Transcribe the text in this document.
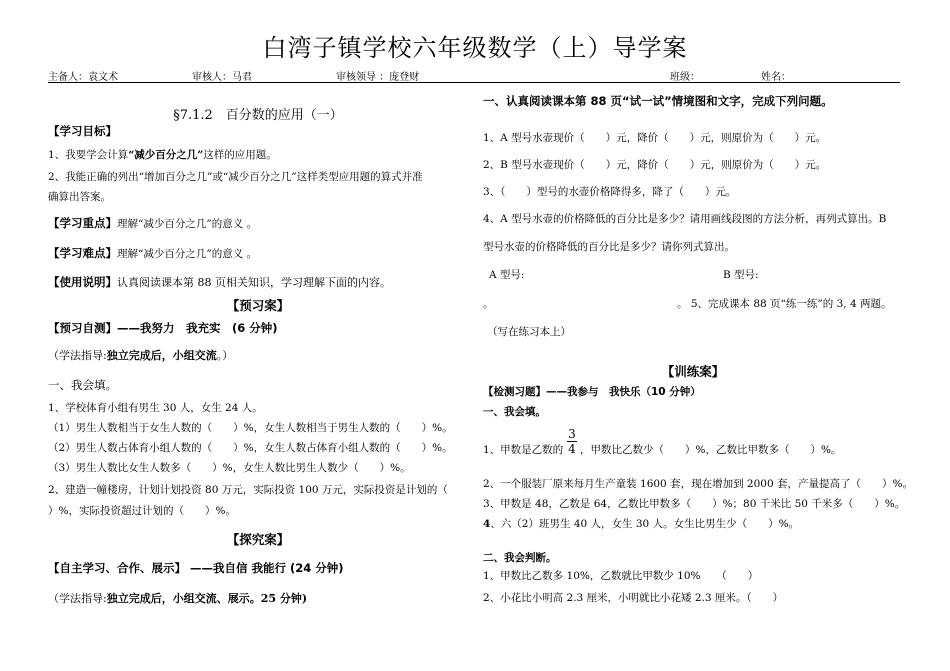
白湾子镇学校六年级数学（上）导学案
主备人：袁文术	审核人：马君	审核领导 ：庞登财	班级：	姓名：________
§7.1.2　百分数的应用（一）
【学习目标】
1、我要学会计算“减少百分之几”这样的应用题。
2、我能正确的列出“增加百分之几”或“减少百分之几”这样类型应用题的算式并准
确算出答案。
【学习重点】理解“减少百分之几”的意义 。
【学习难点】理解“减少百分之几”的意义 。
【使用说明】认真阅读课本第 88 页相关知识，学习理解下面的内容。
【预习案】
【预习自测】——我努力　我充实　(6 分钟)
（学法指导:独立完成后，小组交流。）
一、我会填。
1、学校体育小组有男生 30 人，女生 24 人。
（1）男生人数相当于女生人数的（　　）%，女生人数相当于男生人数的（　　）%。
（2）男生人数占体育小组人数的（　　）%，女生人数占体育小组人数的（　　）%。
（3）男生人数比女生人数多（　　）%，女生人数比男生人数少（　　）%。
2、建造一幢楼房，计划计划投资 80 万元，实际投资 100 万元，实际投资是计划的（
）%，实际投资超过计划的（　　）%。
【探究案】
【自主学习、合作、展示】 ——我自信 我能行 (24 分钟)
（学法指导:独立完成后，小组交流、展示。25 分钟)
一、认真阅读课本第 88 页“试一试”情境图和文字，完成下列问题。
1、A 型号水壶现价（　　）元，降价（　　）元，则原价为（　　）元。
2、B 型号水壶现价（　　）元，降价（　　）元，则原价为（　　）元。
3、（　　）型号的水壶价格降得多，降了（　　）元。
4、A 型号水壶的价格降低的百分比是多少？请用画线段图的方法分析，再列式算出。B
型号水壶的价格降低的百分比是多少？请你列式算出。
A 型号:	B 型号:
。	。 5、完成课本 88 页“练一练”的 3, 4 两题。
（写在练习本上）
【训练案】
【检测习题】——我参与　我快乐（10 分钟）
一、我会填。
1、甲数是乙数的
3
4 ，甲数比乙数少（　　）%，乙数比甲数多（　　）%。
2、一个服装厂原来每月生产童装 1600 套，现在增加到 2000 套，产量提高了（　　）%。
3、甲数是 48，乙数是 64，乙数比甲数多（　　）%；80 千米比 50 千米多（　　）%。
4、六（2）班男生 40 人，女生 30 人。女生比男生少（　　）%。
二、我会判断。
1、甲数比乙数多 10%，乙数就比甲数少 10%　　（　　）
2、小花比小明高 2.3 厘米，小明就比小花矮 2.3 厘米。（　　）
